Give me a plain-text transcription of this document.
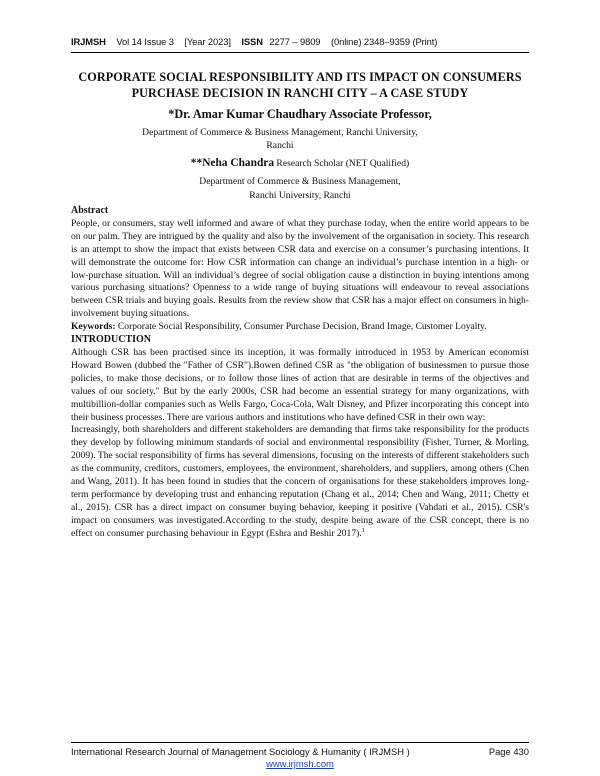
IRJMSH Vol 14 Issue 3 [Year 2023] ISSN 2277 – 9809 (0nline) 2348–9359 (Print)
CORPORATE SOCIAL RESPONSIBILITY AND ITS IMPACT ON CONSUMERS
PURCHASE DECISION IN RANCHI CITY – A CASE STUDY
*Dr. Amar Kumar Chaudhary Associate Professor,
Department of Commerce & Business Management, Ranchi University,
Ranchi
**Neha Chandra Research Scholar (NET Qualified)
Department of Commerce & Business Management,
Ranchi University, Ranchi

Abstract

People, or consumers, stay well informed and aware of what they purchase today, when the entire world appears to be on our palm. They are intrigued by the quality and also by the involvement of the organisation in society. This research is an attempt to show the impact that exists between CSR data and exercise on a consumer’s purchasing intentions. It will demonstrate the outcome for: How CSR information can change an individual’s purchase intention in a high- or low-purchase situation. Will an individual’s degree of social obligation cause a distinction in buying intentions among various purchasing situations? Openness to a wide range of buying situations will endeavour to reveal associations between CSR trials and buying goals. Results from the review show that CSR has a major effect on consumers in high-involvement buying situations.

Keywords: Corporate Social Responsibility, Consumer Purchase Decision, Brand Image, Customer Loyalty.

INTRODUCTION

Although CSR has been practised since its inception, it was formally introduced in 1953 by American economist Howard Bowen (dubbed the "Father of CSR").Bowen defined CSR as "the obligation of businessmen to pursue those policies, to make those decisions, or to follow those lines of action that are desirable in terms of the objectives and values of our society." But by the early 2000s, CSR had become an essential strategy for many organizations, with multibillion-dollar companies such as Wells Fargo, Coca-Cola, Walt Disney, and Pfizer incorporating this concept into their business processes. There are various authors and institutions who have defined CSR in their own way:

Increasingly, both shareholders and different stakeholders are demanding that firms take responsibility for the products they develop by following minimum standards of social and environmental responsibility (Fisher, Turner, & Morling, 2009). The social responsibility of firms has several dimensions, focusing on the interests of different stakeholders such as the community, creditors, customers, employees, the environment, shareholders, and suppliers, among others (Chen and Wang, 2011). It has been found in studies that the concern of organisations for these stakeholders improves long-term performance by developing trust and enhancing reputation (Chang et al., 2014; Chen and Wang, 2011; Chetty et al., 2015). CSR has a direct impact on consumer buying behavior, keeping it positive (Vahdati et al., 2015). CSR's impact on consumers was investigated.According to the study, despite being aware of the CSR concept, there is no effect on consumer purchasing behaviour in Egypt (Eshra and Beshir 2017).$^1$

International Research Journal of Management Sociology & Humanity ( IRJMSH )	Page 430
www.irjmsh.com
